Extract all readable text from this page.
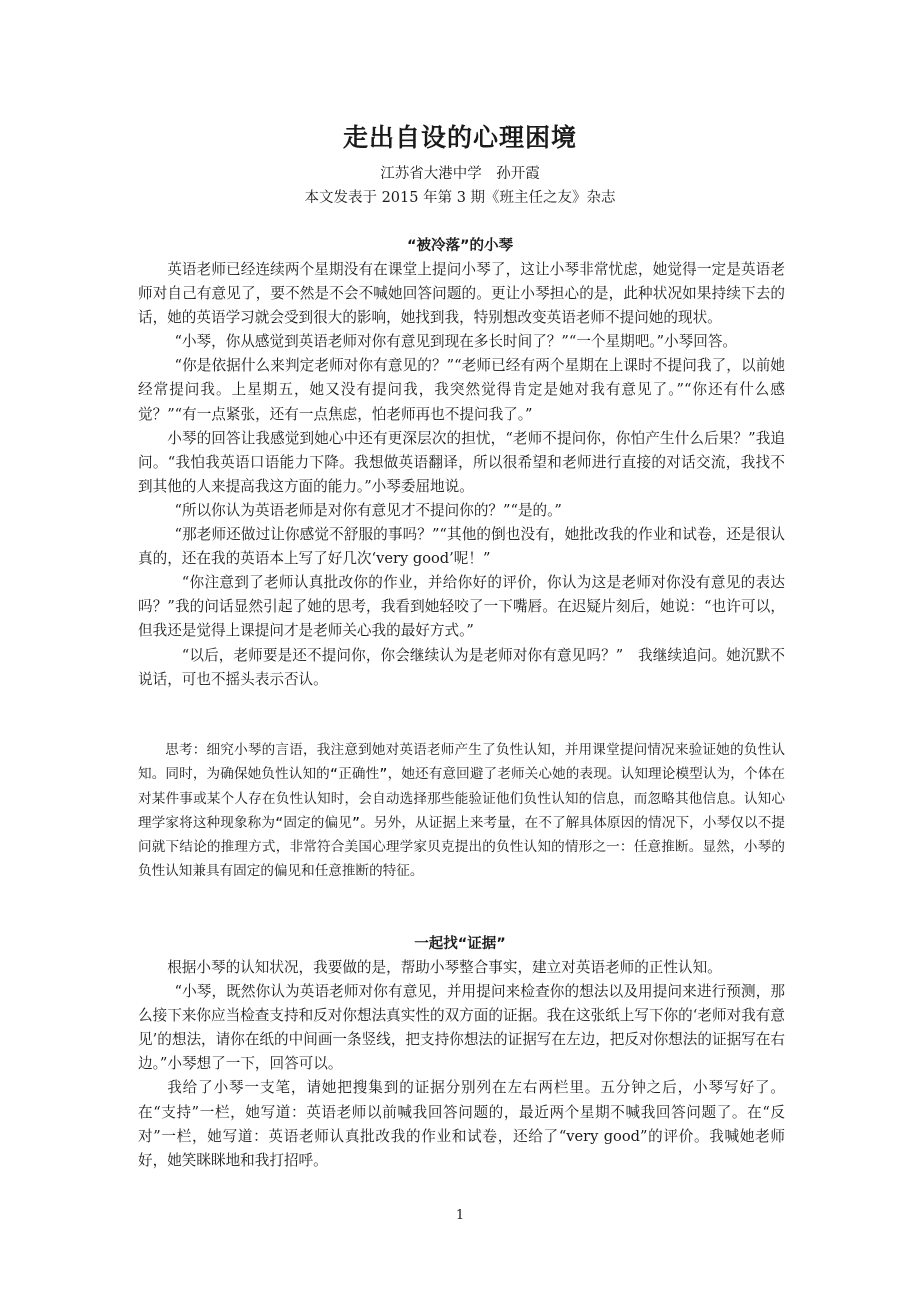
走出自设的心理困境
江苏省大港中学　孙开霞
本文发表于 2015 年第 3 期《班主任之友》杂志
“被冷落”的小琴

英语老师已经连续两个星期没有在课堂上提问小琴了，这让小琴非常忧虑，她觉得一定是英语老师对自己有意见了，要不然是不会不喊她回答问题的。更让小琴担心的是，此种状况如果持续下去的话，她的英语学习就会受到很大的影响，她找到我，特别想改变英语老师不提问她的现状。

“小琴，你从感觉到英语老师对你有意见到现在多长时间了？”“一个星期吧。”小琴回答。

“你是依据什么来判定老师对你有意见的？”“老师已经有两个星期在上课时不提问我了，以前她经常提问我。上星期五，她又没有提问我，我突然觉得肯定是她对我有意见了。”“你还有什么感觉？”“有一点紧张，还有一点焦虑，怕老师再也不提问我了。”

小琴的回答让我感觉到她心中还有更深层次的担忧，“老师不提问你，你怕产生什么后果？”我追问。“我怕我英语口语能力下降。我想做英语翻译，所以很希望和老师进行直接的对话交流，我找不到其他的人来提高我这方面的能力。”小琴委屈地说。

“所以你认为英语老师是对你有意见才不提问你的？”“是的。”

“那老师还做过让你感觉不舒服的事吗？”“其他的倒也没有，她批改我的作业和试卷，还是很认真的，还在我的英语本上写了好几次‘very good’呢！”

“你注意到了老师认真批改你的作业，并给你好的评价，你认为这是老师对你没有意见的表达吗？”我的问话显然引起了她的思考，我看到她轻咬了一下嘴唇。在迟疑片刻后，她说：“也许可以，但我还是觉得上课提问才是老师关心我的最好方式。”

“以后，老师要是还不提问你，你会继续认为是老师对你有意见吗？”　我继续追问。她沉默不说话，可也不摇头表示否认。

思考：细究小琴的言语，我注意到她对英语老师产生了负性认知，并用课堂提问情况来验证她的负性认知。同时，为确保她负性认知的“正确性”，她还有意回避了老师关心她的表现。认知理论模型认为，个体在对某件事或某个人存在负性认知时，会自动选择那些能验证他们负性认知的信息，而忽略其他信息。认知心理学家将这种现象称为“固定的偏见”。另外，从证据上来考量，在不了解具体原因的情况下，小琴仅以不提问就下结论的推理方式，非常符合美国心理学家贝克提出的负性认知的情形之一：任意推断。显然，小琴的负性认知兼具有固定的偏见和任意推断的特征。

一起找“证据”

根据小琴的认知状况，我要做的是，帮助小琴整合事实，建立对英语老师的正性认知。

“小琴，既然你认为英语老师对你有意见，并用提问来检查你的想法以及用提问来进行预测，那么接下来你应当检查支持和反对你想法真实性的双方面的证据。我在这张纸上写下你的‘老师对我有意见’的想法，请你在纸的中间画一条竖线，把支持你想法的证据写在左边，把反对你想法的证据写在右边。”小琴想了一下，回答可以。

我给了小琴一支笔，请她把搜集到的证据分别列在左右两栏里。五分钟之后，小琴写好了。在“支持”一栏，她写道：英语老师以前喊我回答问题的，最近两个星期不喊我回答问题了。在“反对”一栏，她写道：英语老师认真批改我的作业和试卷，还给了“very good”的评价。我喊她老师好，她笑眯眯地和我打招呼。

1
